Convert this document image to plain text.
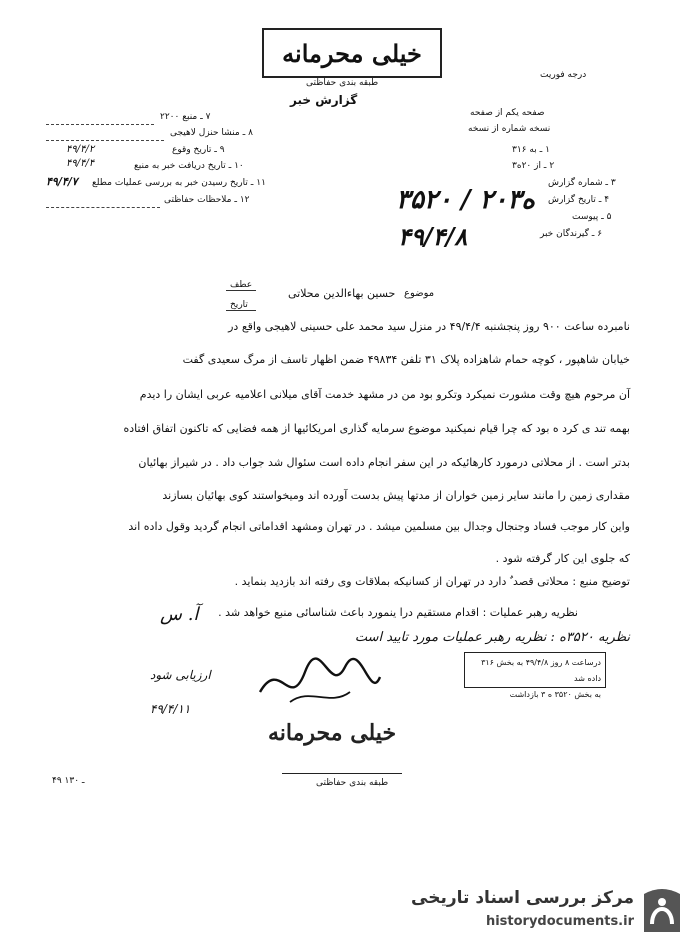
خیلی محرمانه
طبقه بندی حفاظتی
درجه فوریت
گزارش خبر
۷ ـ منبع ۲۲۰۰
۸ ـ منشا حنزل لاهیجی
۹ ـ تاریخ وقوع
۴۹/۴/۲
۱۰ ـ تاریخ دریافت خبر به منبع
۴۹/۴/۴
۱۱ ـ تاریخ رسیدن خبر به بررسی عملیات مطلع
۴۹/۴/۷
۱۲ ـ ملاحظات حفاظتی
صفحه یکم از صفحه
نسخه شماره از نسخه
۱ ـ به ۳۱۶
۲ ـ از ۲۰ه۳
۳ ـ شماره گزارش
۴ ـ تاریخ گزارش
۵ ـ پیوست
۶ ـ گیرندگان خبر
۳۵۲۰ / ۲۰ه۳
۴۹/۴/۸
عطف
تاریخ
موضوع
حسین بهاءالدین محلاتی
نامبرده ساعت ۹۰۰ روز پنجشنبه ۴۹/۴/۴ در منزل سید محمد علی حسینی لاهیجی واقع در
خیابان شاهپور ، کوچه حمام شاهزاده پلاک ۳۱ تلفن ۴۹۸۳۴ ضمن اظهار تاسف از مرگ سعیدی گفت
آن مرحوم هیچ وقت مشورت نمیکرد وتکرو بود من در مشهد خدمت آقای میلانی اعلامیه عربی ایشان را دیدم
بهمه تند ی کرد ه بود که چرا قیام نمیکنید موضوع سرمایه گذاری امریکائیها از همه فضایی که تاکنون اتفاق افتاده
بدتر است . از محلاتی درمورد کارهائیکه در این سفر انجام داده است سئوال شد جواب داد . در شیراز بهائیان
مقداری زمین را مانند سایر زمین خواران از مدتها پیش بدست آورده اند ومیخواستند کوی بهائیان بسازند
واین کار موجب فساد وجنجال وجدال بین مسلمین میشد . در تهران ومشهد اقداماتی انجام گردید وقول داده اند
که جلوی این کار گرفته شود .
توضیح منبع : محلاتی قصد ٌ دارد در تهران از کسانیکه بملاقات وی رفته اند بازدید بنماید .
نظریه رهبر عملیات : اقدام مستقیم درا ینمورد باعث شناسائی منبع خواهد شد .
آ. س
نظریه ۳۵۲۰ه : نظریه رهبر عملیات مورد تایید است
درساعت ۸ روز ۴۹/۴/۸ به بخش ۳۱۶ داده شد
به بخش ۳۵۲۰ ه ۳ بازداشت
ارزیابی شود
۴۹/۴/۱۱
خیلی محرمانه
طبقه بندی حفاظتی
۴۹ ـ ۱۳۰
مرکز بررسی اسناد تاریخی
historydocuments.ir
